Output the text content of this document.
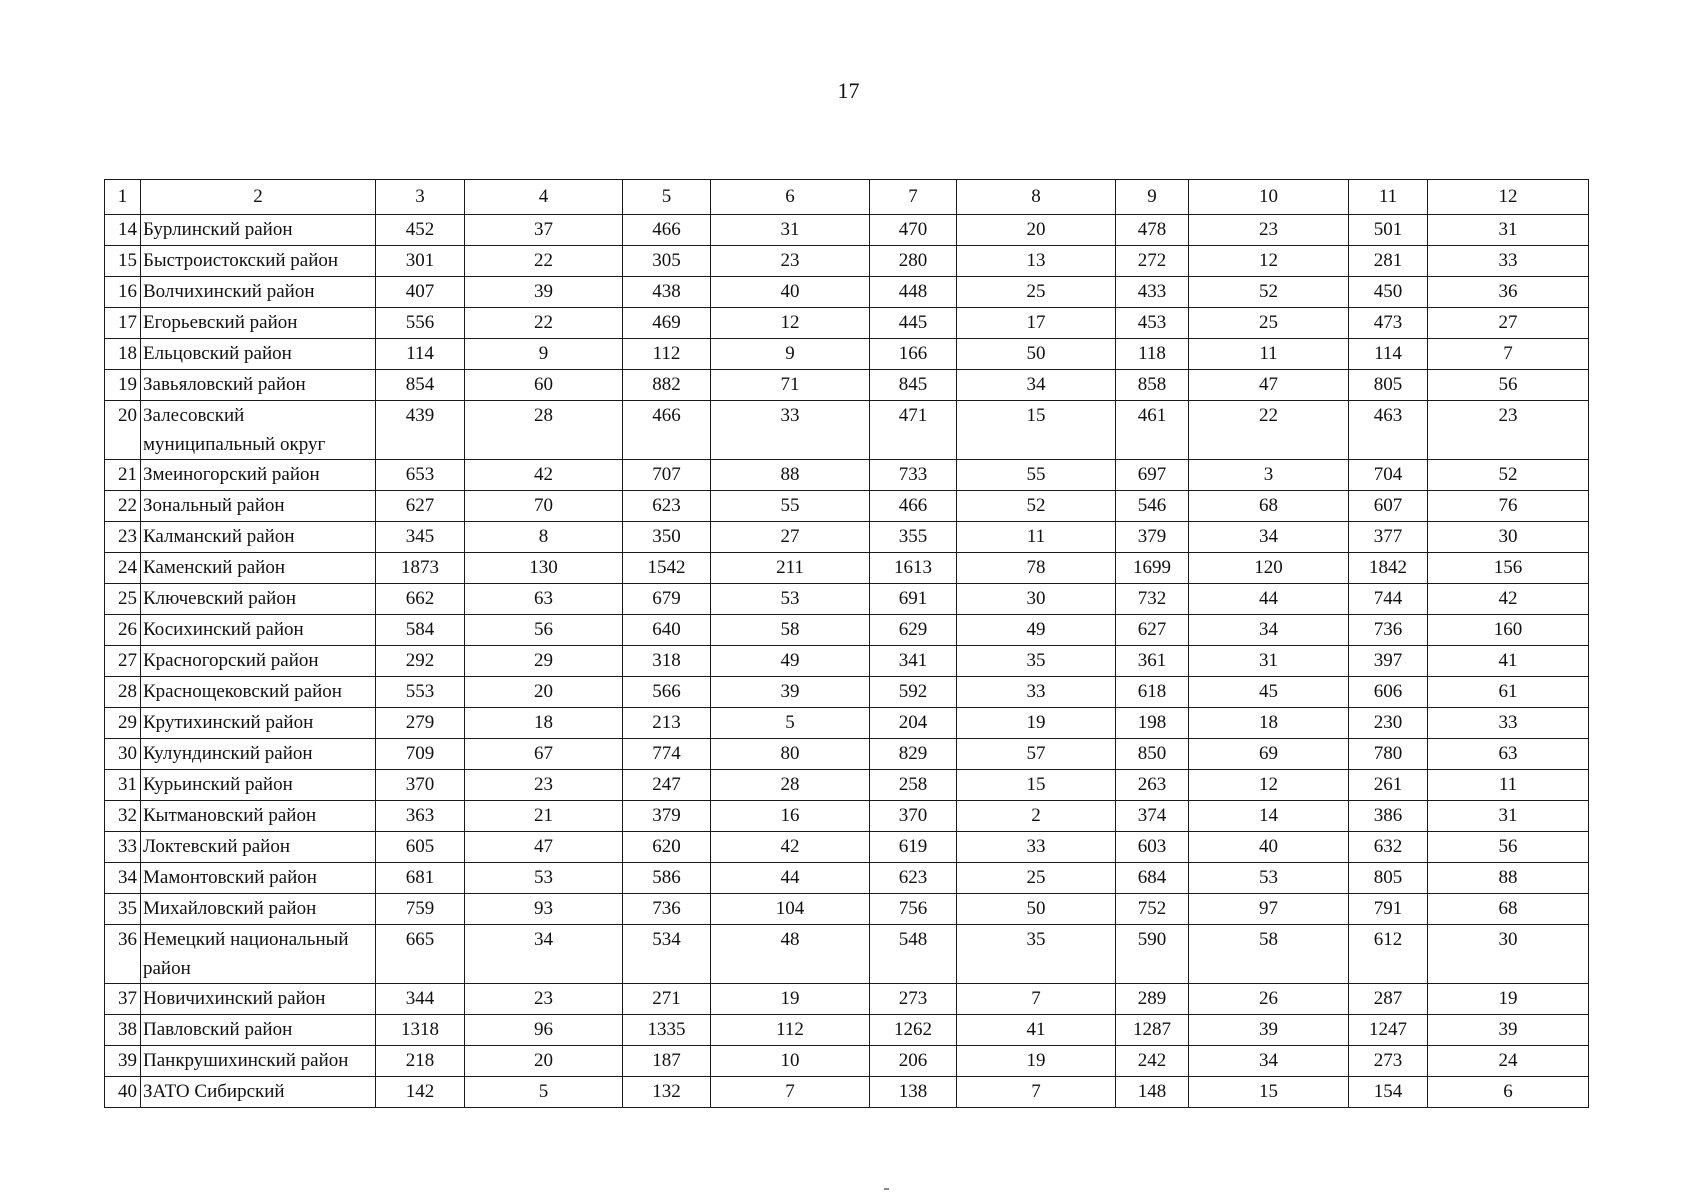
17
1	2	3	4	5	6	7	8	9	10	11	12
14	Бурлинский район	452	37	466	31	470	20	478	23	501	31
15	Быстроистокский район	301	22	305	23	280	13	272	12	281	33
16	Волчихинский район	407	39	438	40	448	25	433	52	450	36
17	Егорьевский район	556	22	469	12	445	17	453	25	473	27
18	Ельцовский район	114	9	112	9	166	50	118	11	114	7
19	Завьяловский район	854	60	882	71	845	34	858	47	805	56
20	Залесовский муниципальный округ	439	28	466	33	471	15	461	22	463	23
21	Змеиногорский район	653	42	707	88	733	55	697	3	704	52
22	Зональный район	627	70	623	55	466	52	546	68	607	76
23	Калманский район	345	8	350	27	355	11	379	34	377	30
24	Каменский район	1873	130	1542	211	1613	78	1699	120	1842	156
25	Ключевский район	662	63	679	53	691	30	732	44	744	42
26	Косихинский район	584	56	640	58	629	49	627	34	736	160
27	Красногорский район	292	29	318	49	341	35	361	31	397	41
28	Краснощековский район	553	20	566	39	592	33	618	45	606	61
29	Крутихинский район	279	18	213	5	204	19	198	18	230	33
30	Кулундинский район	709	67	774	80	829	57	850	69	780	63
31	Курьинский район	370	23	247	28	258	15	263	12	261	11
32	Кытмановский район	363	21	379	16	370	2	374	14	386	31
33	Локтевский район	605	47	620	42	619	33	603	40	632	56
34	Мамонтовский район	681	53	586	44	623	25	684	53	805	88
35	Михайловский район	759	93	736	104	756	50	752	97	791	68
36	Немецкий национальный район	665	34	534	48	548	35	590	58	612	30
37	Новичихинский район	344	23	271	19	273	7	289	26	287	19
38	Павловский район	1318	96	1335	112	1262	41	1287	39	1247	39
39	Панкрушихинский район	218	20	187	10	206	19	242	34	273	24
40	ЗАТО Сибирский	142	5	132	7	138	7	148	15	154	6
